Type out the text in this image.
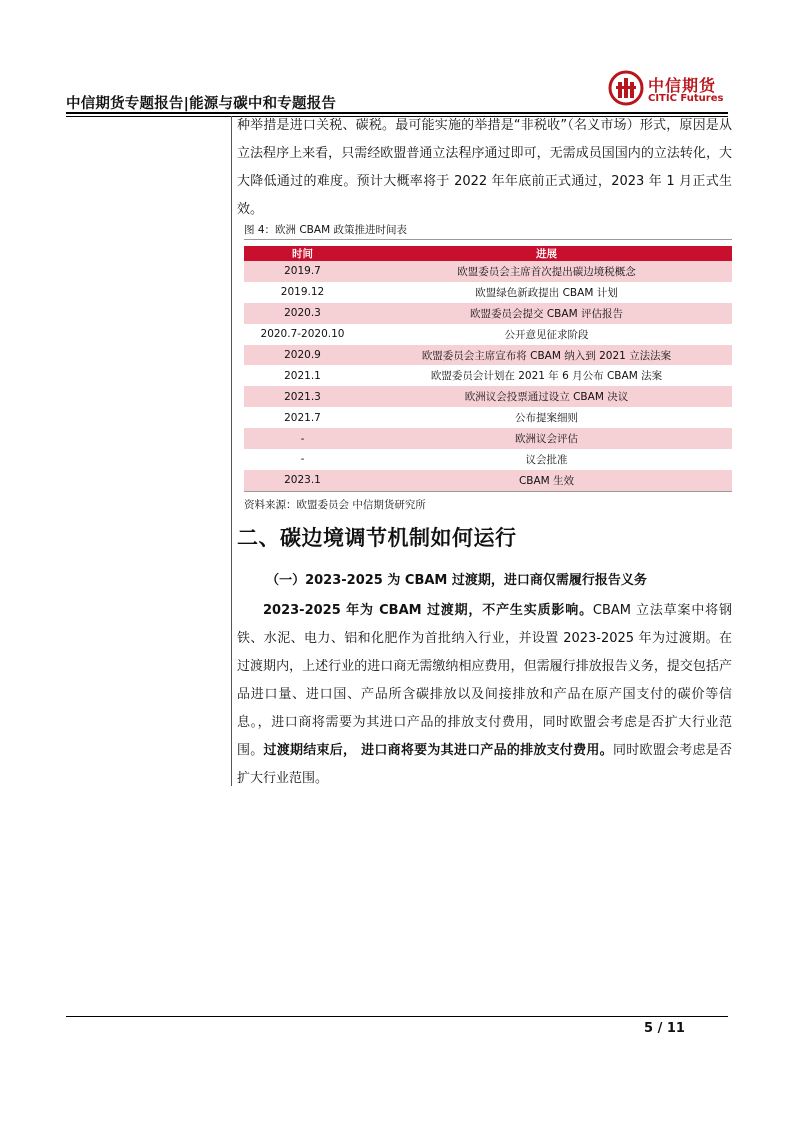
中信期货专题报告|能源与碳中和专题报告
中信期货
CITIC Futures

种举措是进口关税、碳税。最可能实施的举措是“非税收”（名义市场）形式，原因是从立法程序上来看，只需经欧盟普通立法程序通过即可，无需成员国国内的立法转化，大大降低通过的难度。预计大概率将于 2022 年年底前正式通过，2023 年 1 月正式生效。

图 4：欧洲 CBAM 政策推进时间表
时间	进展
2019.7	欧盟委员会主席首次提出碳边境税概念
2019.12	欧盟绿色新政提出 CBAM 计划
2020.3	欧盟委员会提交 CBAM 评估报告
2020.7-2020.10	公开意见征求阶段
2020.9	欧盟委员会主席宣布将 CBAM 纳入到 2021 立法法案
2021.1	欧盟委员会计划在 2021 年 6 月公布 CBAM 法案
2021.3	欧洲议会投票通过设立 CBAM 决议
2021.7	公布提案细则
-	欧洲议会评估
-	议会批准
2023.1	CBAM 生效
资料来源：欧盟委员会 中信期货研究所
二、碳边境调节机制如何运行
（一）2023-2025 为 CBAM 过渡期，进口商仅需履行报告义务

2023-2025 年为 CBAM 过渡期，不产生实质影响。CBAM 立法草案中将钢铁、水泥、电力、铝和化肥作为首批纳入行业，并设置 2023-2025 年为过渡期。在过渡期内，上述行业的进口商无需缴纳相应费用，但需履行排放报告义务，提交包括产品进口量、进口国、产品所含碳排放以及间接排放和产品在原产国支付的碳价等信息。，进口商将需要为其进口产品的排放支付费用，同时欧盟会考虑是否扩大行业范围。过渡期结束后， 进口商将要为其进口产品的排放支付费用。同时欧盟会考虑是否扩大行业范围。

5 / 11
